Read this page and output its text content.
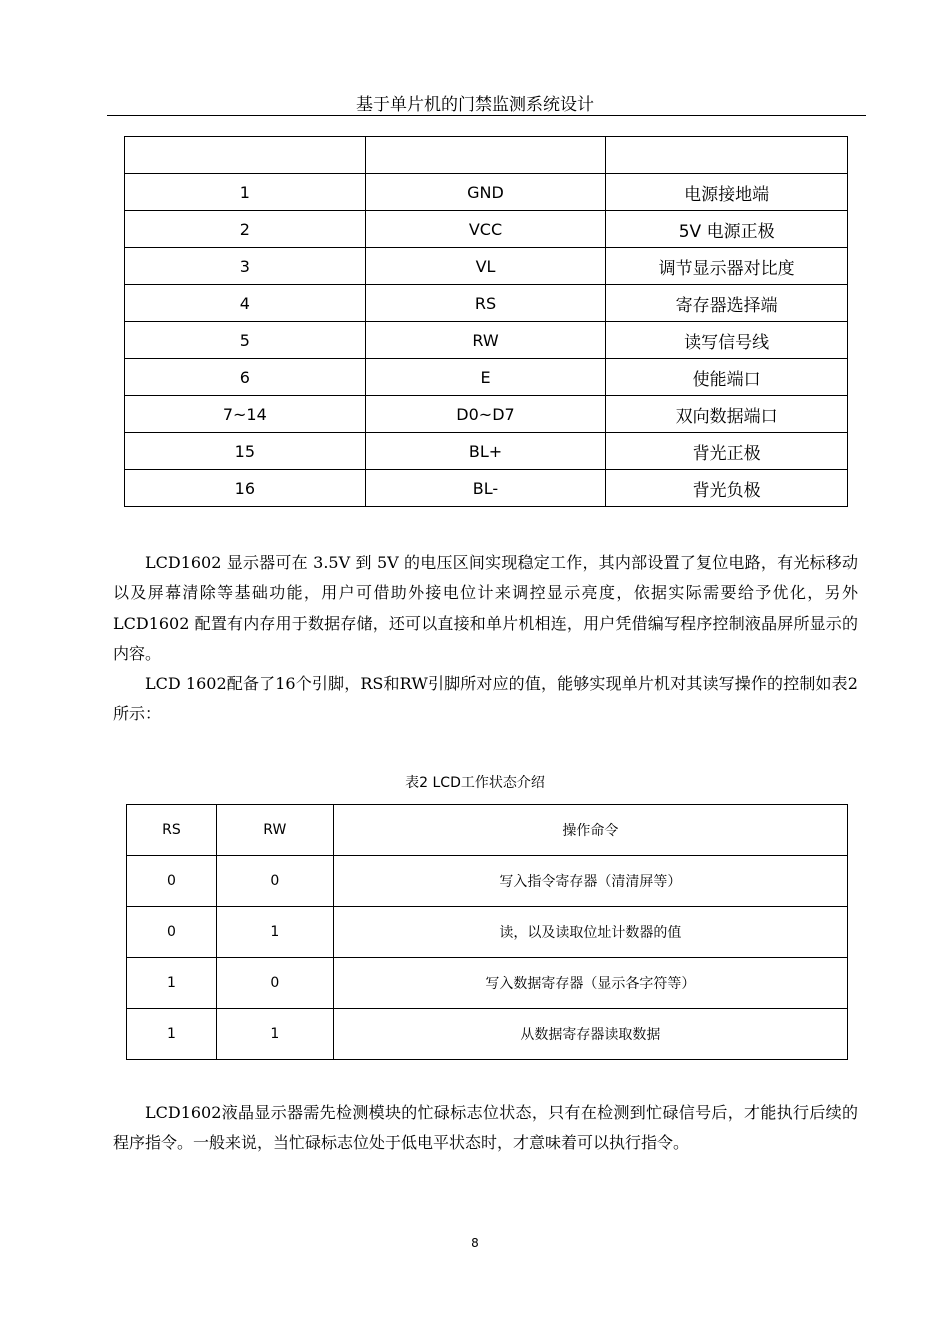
基于单片机的门禁监测系统设计

1	GND	电源接地端
2	VCC	5V 电源正极
3	VL	调节显示器对比度
4	RS	寄存器选择端
5	RW	读写信号线
6	E	使能端口
7~14	D0~D7	双向数据端口
15	BL+	背光正极
16	BL-	背光负极

LCD1602 显示器可在 3.5V 到 5V 的电压区间实现稳定工作，其内部设置了复位电路，有光标移动以及屏幕清除等基础功能，用户可借助外接电位计来调控显示亮度，依据实际需要给予优化，另外LCD1602 配置有内存用于数据存储，还可以直接和单片机相连，用户凭借编写程序控制液晶屏所显示的内容。

LCD 1602配备了16个引脚，RS和RW引脚所对应的值，能够实现单片机对其读写操作的控制如表2所示：

表2 LCD工作状态介绍
RS	RW	操作命令
0	0	写入指令寄存器（清清屏等）
0	1	读，以及读取位址计数器的值
1	0	写入数据寄存器（显示各字符等）
1	1	从数据寄存器读取数据

LCD1602液晶显示器需先检测模块的忙碌标志位状态，只有在检测到忙碌信号后，才能执行后续的程序指令。一般来说，当忙碌标志位处于低电平状态时，才意味着可以执行指令。

8
